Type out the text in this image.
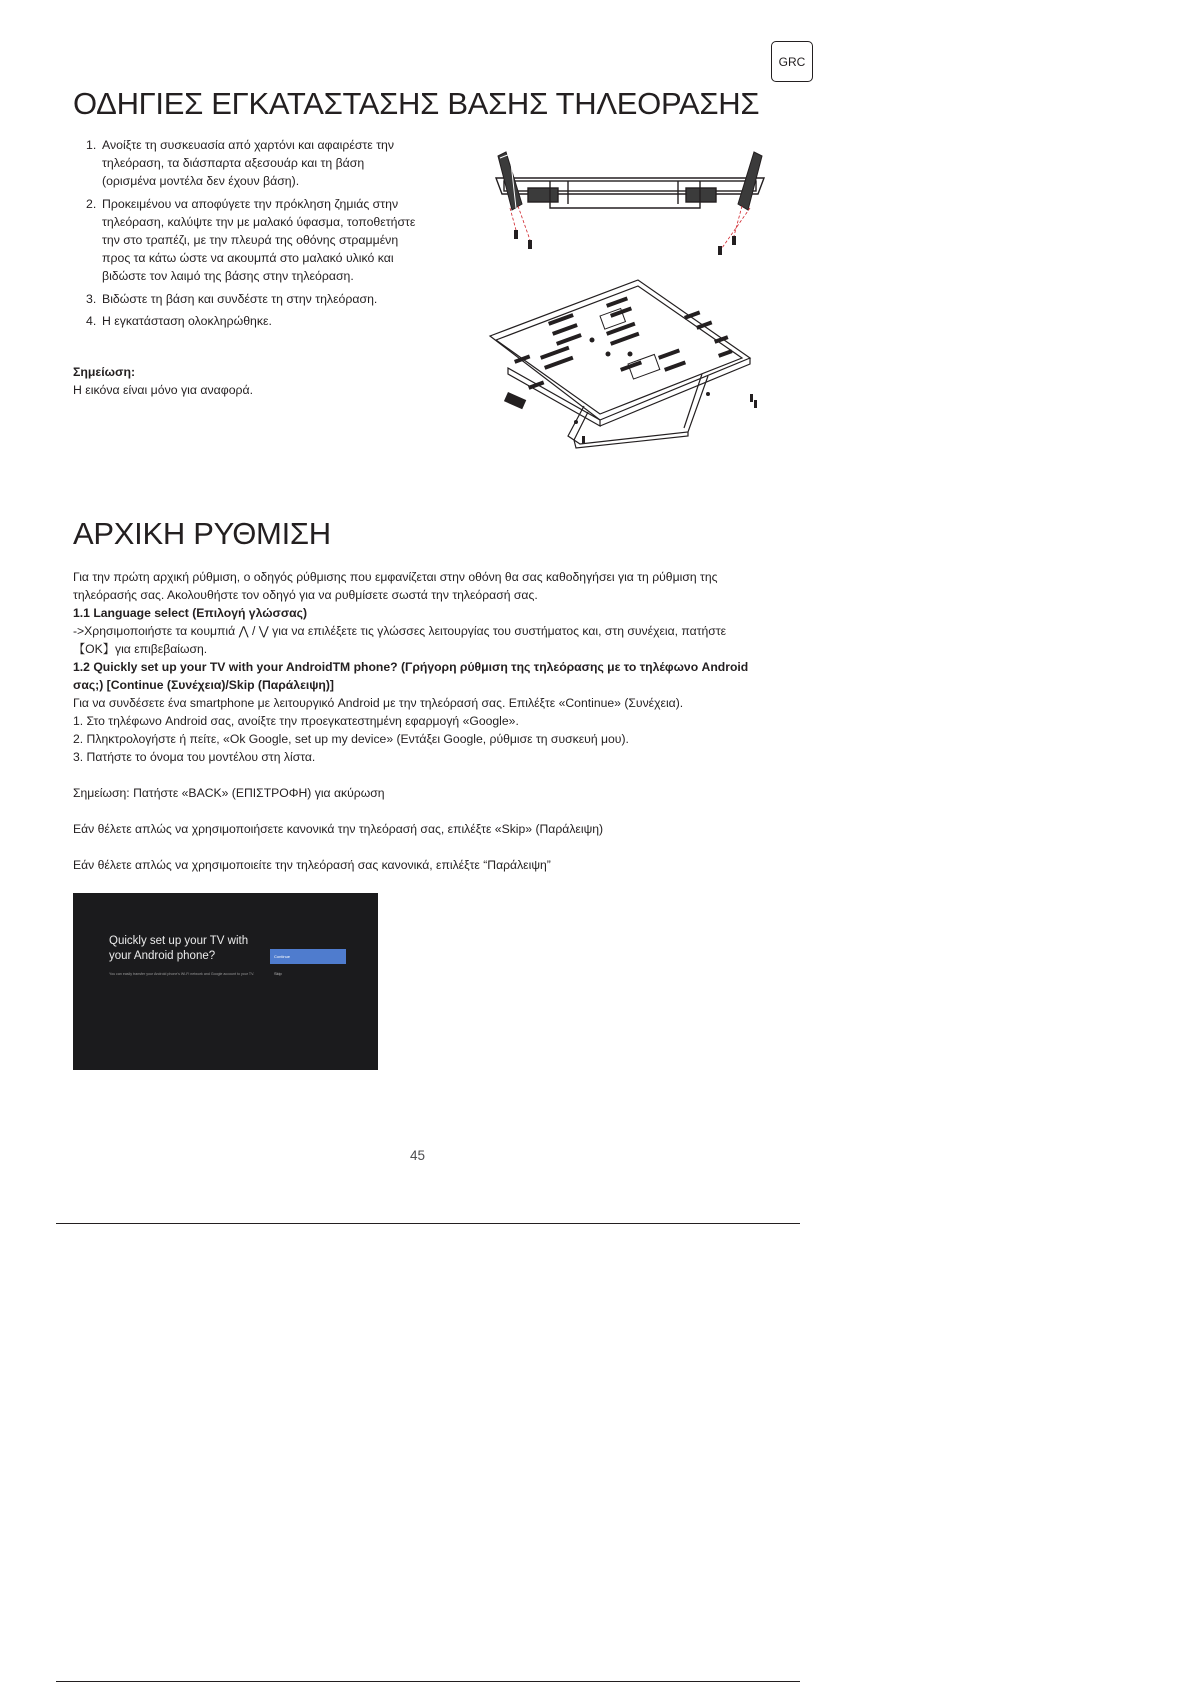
GRC
ΟΔΗΓΙΕΣ ΕΓΚΑΤΑΣΤΑΣΗΣ ΒΑΣΗΣ ΤΗΛΕΟΡΑΣΗΣ
1. Ανοίξτε τη συσκευασία από χαρτόνι και αφαιρέστε την τηλεόραση, τα διάσπαρτα αξεσουάρ και τη βάση (ορισμένα μοντέλα δεν έχουν βάση).
2. Προκειμένου να αποφύγετε την πρόκληση ζημιάς στην τηλεόραση, καλύψτε την με μαλακό ύφασμα, τοποθετήστε την στο τραπέζι, με την πλευρά της οθόνης στραμμένη προς τα κάτω ώστε να ακουμπά στο μαλακό υλικό και βιδώστε τον λαιμό της βάσης στην τηλεόραση.
3. Βιδώστε τη βάση και συνδέστε τη στην τηλεόραση.
4. Η εγκατάσταση ολοκληρώθηκε.
Σημείωση:
Η εικόνα είναι μόνο για αναφορά.
ΑΡΧΙΚΗ ΡΥΘΜΙΣΗ

Για την πρώτη αρχική ρύθμιση, ο οδηγός ρύθμισης που εμφανίζεται στην οθόνη θα σας καθοδηγήσει για τη ρύθμιση της τηλεόρασής σας. Ακολουθήστε τον οδηγό για να ρυθμίσετε σωστά την τηλεόρασή σας.

1.1 Language select (Επιλογή γλώσσας)

->Χρησιμοποιήστε τα κουμπιά ⋀ / ⋁ για να επιλέξετε τις γλώσσες λειτουργίας του συστήματος και, στη συνέχεια, πατήστε
【OK】για επιβεβαίωση.

1.2 Quickly set up your TV with your AndroidTM phone? (Γρήγορη ρύθμιση της τηλεόρασης με το τηλέφωνο Android σας;) [Continue (Συνέχεια)/Skip (Παράλειψη)]

Για να συνδέσετε ένα smartphone με λειτουργικό Android με την τηλεόρασή σας. Επιλέξτε «Continue» (Συνέχεια).

1. Στο τηλέφωνο Android σας, ανοίξτε την προεγκατεστημένη εφαρμογή «Google».

2. Πληκτρολογήστε ή πείτε, «Ok Google, set up my device» (Εντάξει Google, ρύθμισε τη συσκευή μου).

3. Πατήστε το όνομα του μοντέλου στη λίστα.

Σημείωση: Πατήστε «BACK» (ΕΠΙΣΤΡΟΦΗ) για ακύρωση

Εάν θέλετε απλώς να χρησιμοποιήσετε κανονικά την τηλεόρασή σας, επιλέξτε «Skip» (Παράλειψη)

Εάν θέλετε απλώς να χρησιμοποιείτε την τηλεόρασή σας κανονικά, επιλέξτε “Παράλειψη”

Quickly set up your TV with your Android phone?
You can easily transfer your Android phone's Wi-Fi network and Google account to your TV.
Continue
Skip
45
